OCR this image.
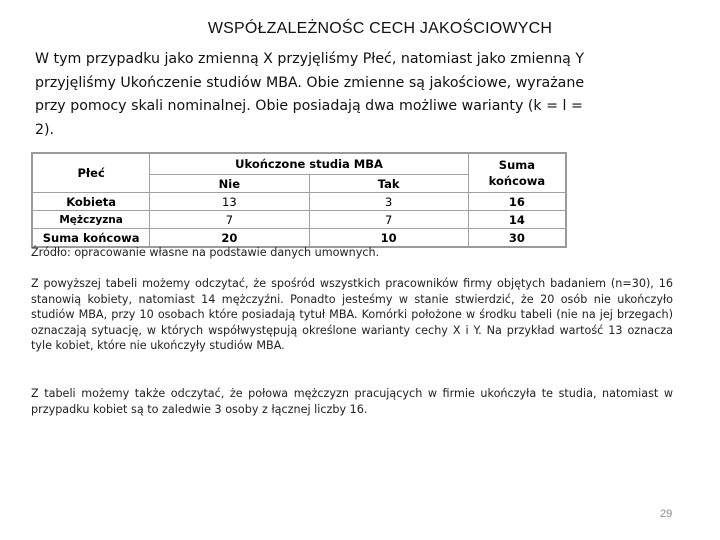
WSPÓŁZALEŻNOŚC CECH JAKOŚCIOWYCH
W tym przypadku jako zmienną X przyjęliśmy Płeć, natomiast jako zmienną Y przyjęliśmy Ukończenie studiów MBA. Obie zmienne są jakościowe, wyrażane przy pomocy skali nominalnej. Obie posiadają dwa możliwe warianty (k = l = 2).
Płeć	Ukończone studia MBA		Suma
końcowa
	Nie	Tak	
Kobieta	13	3	16
Mężczyzna	7	7	14
Suma końcowa	20	10	30

Źródło: opracowanie własne na podstawie danych umownych.

Z powyższej tabeli możemy odczytać, że spośród wszystkich pracowników firmy objętych badaniem (n=30), 16 stanowią kobiety, natomiast 14 mężczyźni. Ponadto jesteśmy w stanie stwierdzić, że 20 osób nie ukończyło studiów MBA, przy 10 osobach które posiadają tytuł MBA. Komórki położone w środku tabeli (nie na jej brzegach) oznaczają sytuację, w których współwystępują określone warianty cechy X i Y. Na przykład wartość 13 oznacza tyle kobiet, które nie ukończyły studiów MBA.

Z tabeli możemy także odczytać, że połowa mężczyzn pracujących w firmie ukończyła te studia, natomiast w przypadku kobiet są to zaledwie 3 osoby z łącznej liczby 16.

29
